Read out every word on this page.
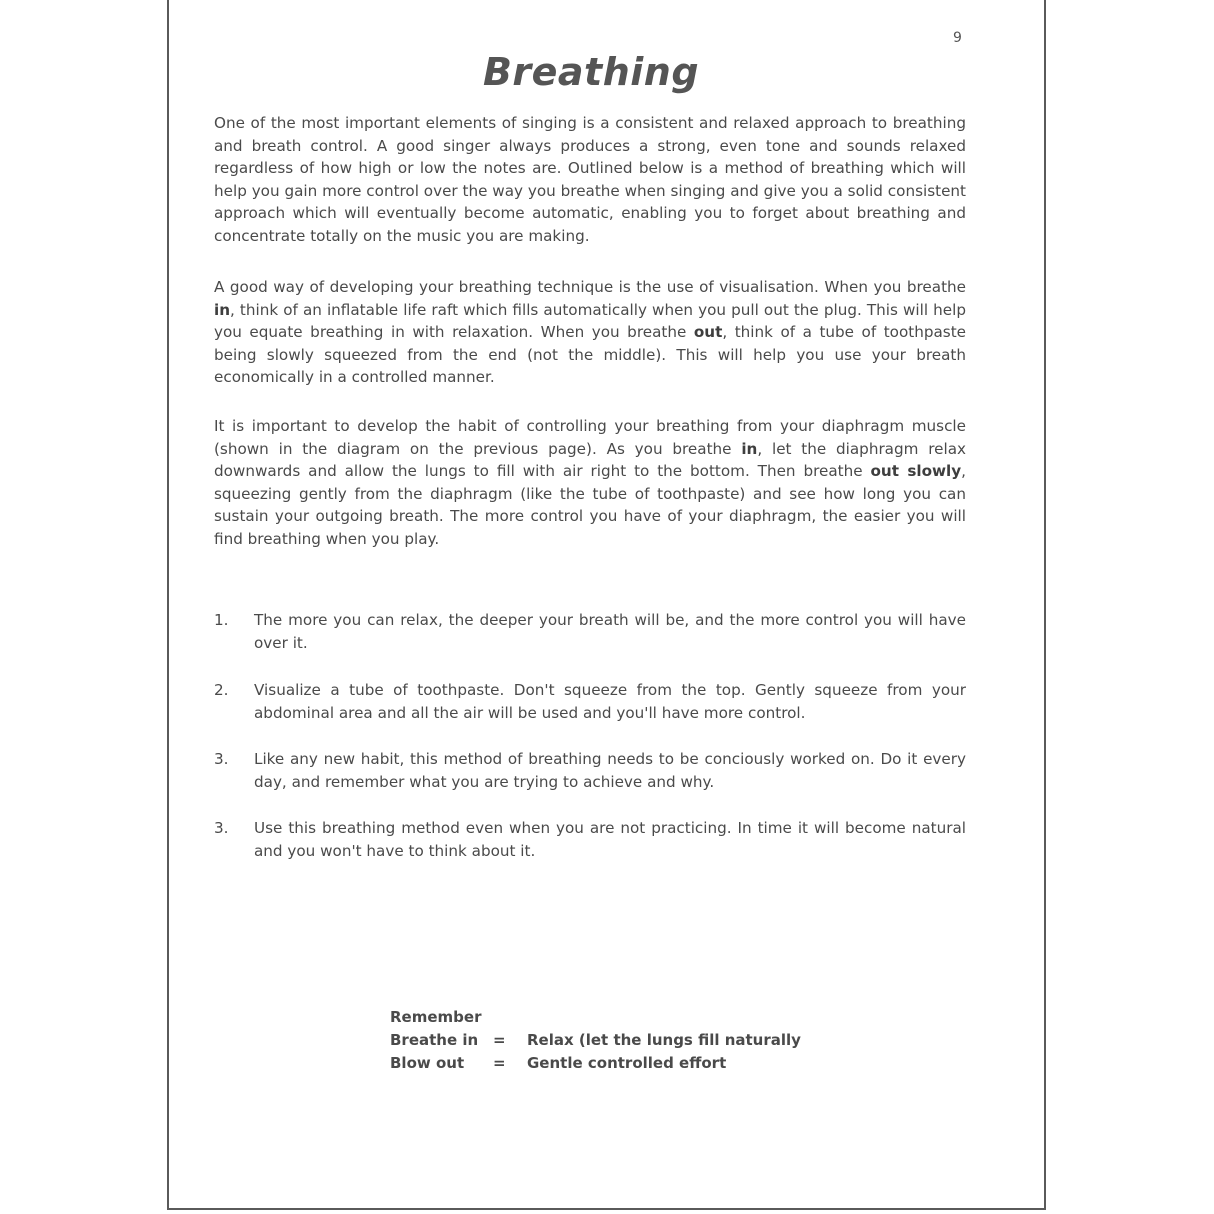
9
Breathing

One of the most important elements of singing is a consistent and relaxed approach to breathing and breath control. A good singer always produces a strong, even tone and sounds relaxed regardless of how high or low the notes are. Outlined below is a method of breathing which will help you gain more control over the way you breathe when singing and give you a solid consistent approach which will eventually become automatic, enabling you to forget about breathing and concentrate totally on the music you are making.

A good way of developing your breathing technique is the use of visualisation. When you breathe in, think of an inflatable life raft which fills automatically when you pull out the plug. This will help you equate breathing in with relaxation. When you breathe out, think of a tube of toothpaste being slowly squeezed from the end (not the middle). This will help you use your breath economically in a controlled manner.

It is important to develop the habit of controlling your breathing from your diaphragm muscle (shown in the diagram on the previous page). As you breathe in, let the diaphragm relax downwards and allow the lungs to fill with air right to the bottom. Then breathe out slowly, squeezing gently from the diaphragm (like the tube of toothpaste) and see how long you can sustain your outgoing breath. The more control you have of your diaphragm, the easier you will find breathing when you play.

1.	The more you can relax, the deeper your breath will be, and the more control you will have over it.
2.	Visualize a tube of toothpaste. Don't squeeze from the top. Gently squeeze from your abdominal area and all the air will be used and you'll have more control.
3.	Like any new habit, this method of breathing needs to be conciously worked on. Do it every day, and remember what you are trying to achieve and why.
3.	Use this breathing method even when you are not practicing. In time it will become natural and you won't have to think about it.
Remember
Breathe in = Relax (let the lungs fill naturally
Blow out = Gentle controlled effort
